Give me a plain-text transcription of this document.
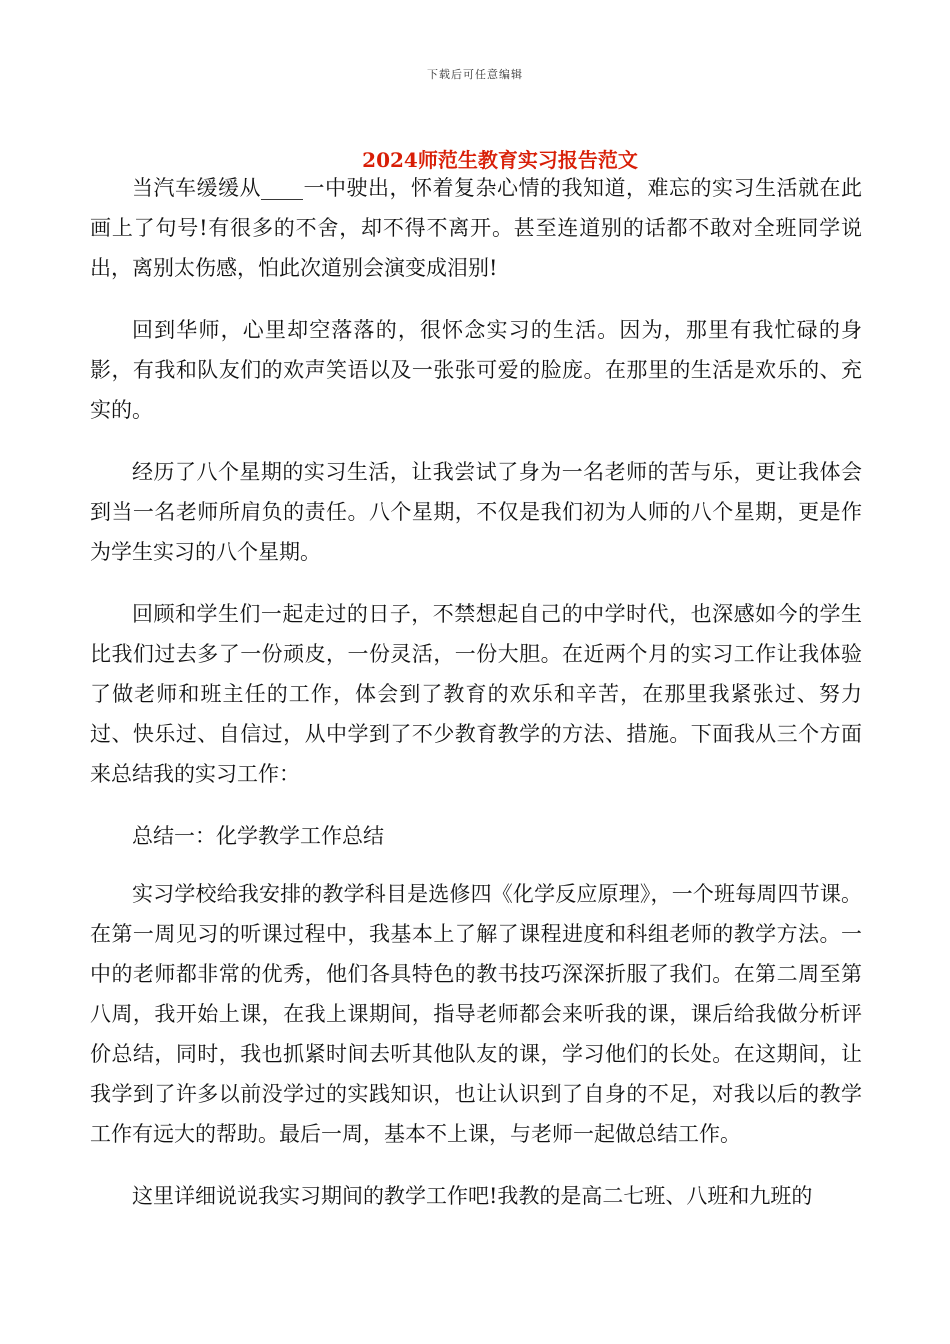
下载后可任意编辑
2024师范生教育实习报告范文

当汽车缓缓从____一中驶出，怀着复杂心情的我知道，难忘的实习生活就在此画上了句号!有很多的不舍，却不得不离开。甚至连道别的话都不敢对全班同学说出，离别太伤感，怕此次道别会演变成泪别!

回到华师，心里却空落落的，很怀念实习的生活。因为，那里有我忙碌的身影，有我和队友们的欢声笑语以及一张张可爱的脸庞。在那里的生活是欢乐的、充实的。

经历了八个星期的实习生活，让我尝试了身为一名老师的苦与乐，更让我体会到当一名老师所肩负的责任。八个星期，不仅是我们初为人师的八个星期，更是作为学生实习的八个星期。

回顾和学生们一起走过的日子，不禁想起自己的中学时代，也深感如今的学生比我们过去多了一份顽皮，一份灵活，一份大胆。在近两个月的实习工作让我体验了做老师和班主任的工作，体会到了教育的欢乐和辛苦，在那里我紧张过、努力过、快乐过、自信过，从中学到了不少教育教学的方法、措施。下面我从三个方面来总结我的实习工作：

总结一：化学教学工作总结

实习学校给我安排的教学科目是选修四《化学反应原理》，一个班每周四节课。在第一周见习的听课过程中，我基本上了解了课程进度和科组老师的教学方法。一中的老师都非常的优秀，他们各具特色的教书技巧深深折服了我们。在第二周至第八周，我开始上课，在我上课期间，指导老师都会来听我的课，课后给我做分析评价总结，同时，我也抓紧时间去听其他队友的课，学习他们的长处。在这期间，让我学到了许多以前没学过的实践知识，也让认识到了自身的不足，对我以后的教学工作有远大的帮助。最后一周，基本不上课，与老师一起做总结工作。

这里详细说说我实习期间的教学工作吧!我教的是高二七班、八班和九班的
